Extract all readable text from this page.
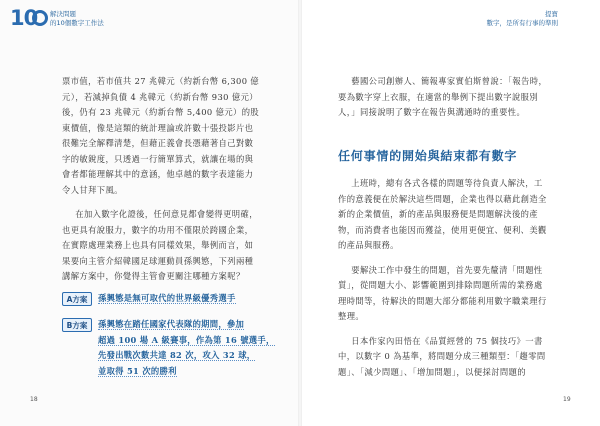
10 解決問題
的10個數字工作法
提寶
數字，是所有行事的準則

票市值，若市值共 27 兆韓元（約新台幣 6,300 億元），若減掉負債 4 兆韓元（約新台幣 930 億元）後，仍有 23 兆韓元（約新台幣 5,400 億元）的股東價值，像是這類的統計理論或許數十張投影片也很難完全解釋清楚，但藉正義會長憑藉著自己對數字的敏銳度，只透過一行簡單算式，就讓在場的與會者都能理解其中的意涵，他卓越的數字表達能力令人甘拜下風。

在加入數字化證後，任何意見都會變得更明確，也更具有說服力，數字的功用不僅限於跨國企業，在實際處理業務上也具有同樣效果，舉例而言，如果要向主管介紹韓國足球運動員孫興慜，下列兩種講解方案中，你覺得主管會更關注哪種方案呢？

A方案	孫興慜是無可取代的世界級優秀選手
B方案	孫興慜在踏任國家代表隊的期間，參加
超過 100 場 A 級賽事，作為第 16 號選手，
先發出戰次數共達 82 次，攻入 32 球，
並取得 51 次的勝利
18

藝國公司創辦人、簡報專家實伯斯曾說：「報告時，要為數字穿上衣服，在適當的舉例下提出數字說服別人，」同接說明了數字在報告與溝通時的重要性。

任何事情的開始與結束都有數字

上班時，總有各式各樣的問題等待負責人解決，工作的意義便在於解決這些問題，企業也得以藉此創造全新的企業價值，新的產品與服務便是問題解決後的產物，而消費者也能因而獲益，使用更便宜、便利、美觀的產品與服務。

要解決工作中發生的問題，首先要先釐清「問題性質」，從問題大小、影響範圍到排除問題所需的業務處理時間等，待解決的問題大部分都能利用數字職業理行整理。

日本作家內田悟在《品質經營的 75 個技巧》一書中，以數字 0 為基準，將問題分成三種類型：「趨零問題」、「減少問題」、「增加問題」，以便採討問題的

19
